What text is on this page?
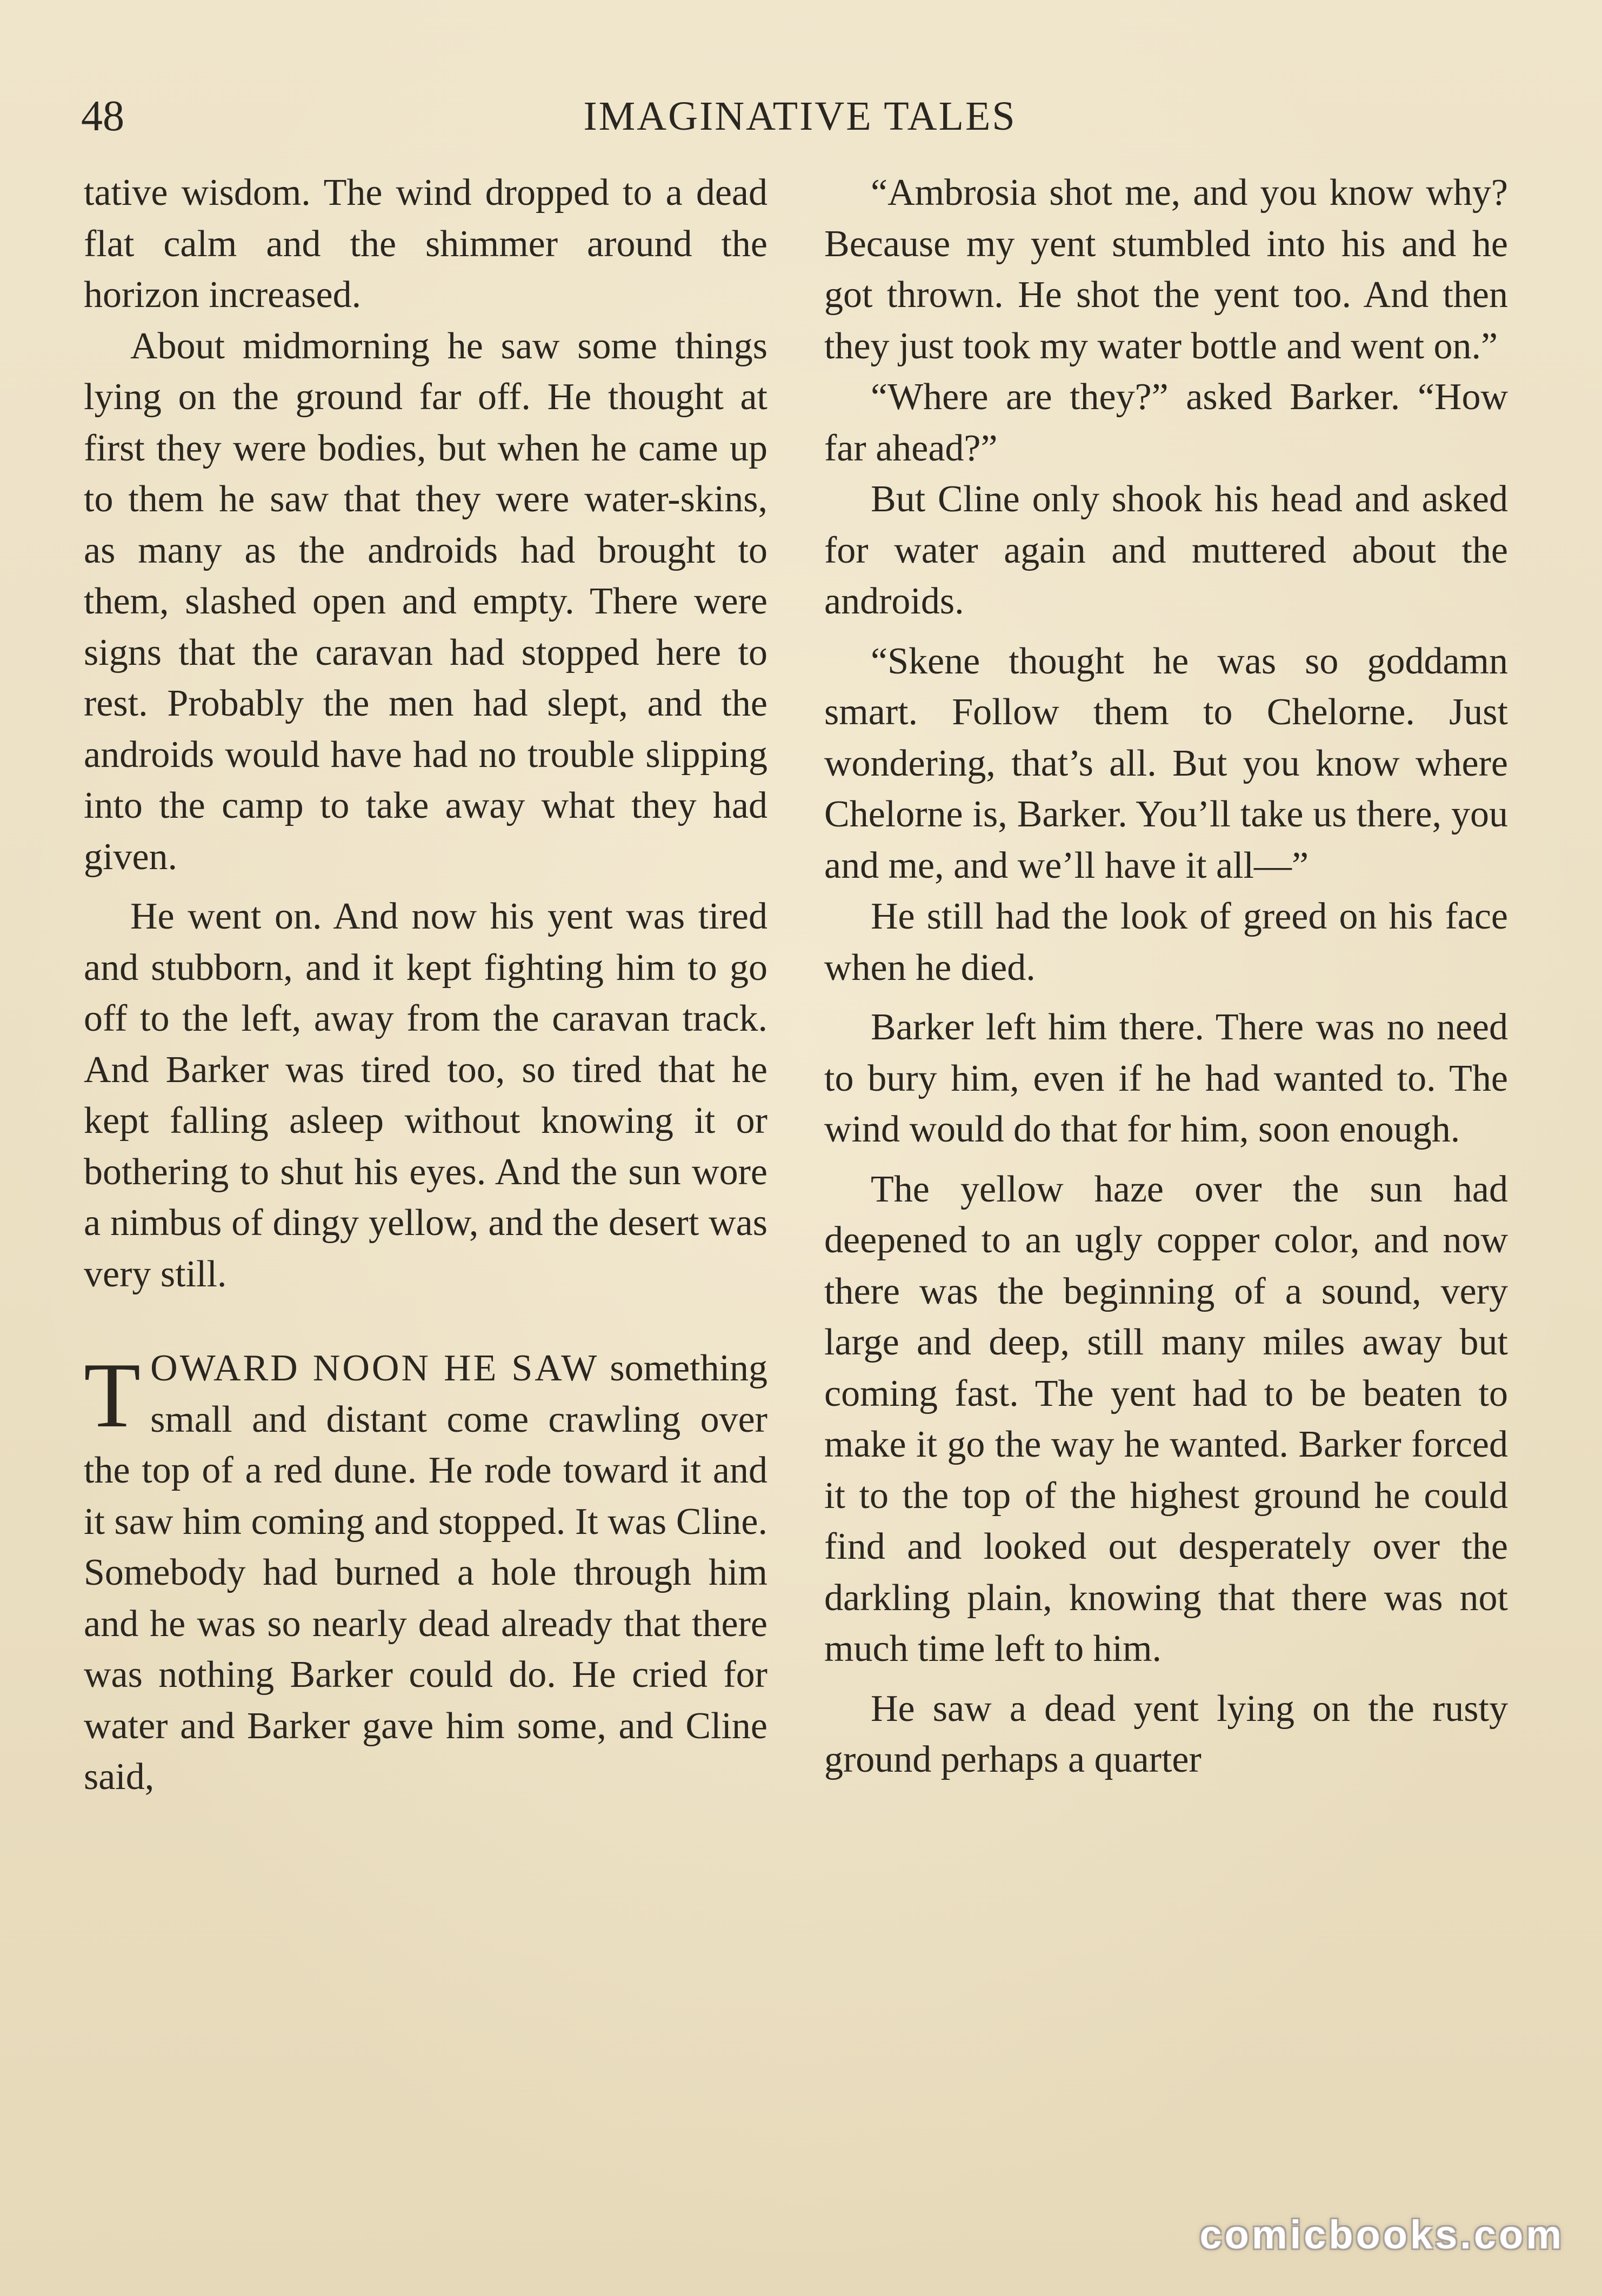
48	IMAGINATIVE TALES

tative wisdom. The wind dropped to a dead flat calm and the shimmer around the horizon increased.

About midmorning he saw some things lying on the ground far off. He thought at first they were bodies, but when he came up to them he saw that they were water-skins, as many as the androids had brought to them, slashed open and empty. There were signs that the caravan had stopped here to rest. Probably the men had slept, and the androids would have had no trouble slipping into the camp to take away what they had given.

He went on. And now his yent was tired and stubborn, and it kept fighting him to go off to the left, away from the caravan track. And Barker was tired too, so tired that he kept falling asleep without knowing it or bothering to shut his eyes. And the sun wore a nimbus of dingy yellow, and the desert was very still.

TOWARD NOON HE SAW something small and distant come crawling over the top of a red dune. He rode toward it and it saw him coming and stopped. It was Cline. Somebody had burned a hole through him and he was so nearly dead already that there was nothing Barker could do. He cried for water and Barker gave him some, and Cline said,

“Ambrosia shot me, and you know why? Because my yent stumbled into his and he got thrown. He shot the yent too. And then they just took my water bottle and went on.”

“Where are they?” asked Barker. “How far ahead?”

But Cline only shook his head and asked for water again and muttered about the androids.

“Skene thought he was so goddamn smart. Follow them to Chelorne. Just wondering, that’s all. But you know where Chelorne is, Barker. You’ll take us there, you and me, and we’ll have it all—”

He still had the look of greed on his face when he died.

Barker left him there. There was no need to bury him, even if he had wanted to. The wind would do that for him, soon enough.

The yellow haze over the sun had deepened to an ugly copper color, and now there was the beginning of a sound, very large and deep, still many miles away but coming fast. The yent had to be beaten to make it go the way he wanted. Barker forced it to the top of the highest ground he could find and looked out desperately over the darkling plain, knowing that there was not much time left to him.

He saw a dead yent lying on the rusty ground perhaps a quarter

comicbooks.com
